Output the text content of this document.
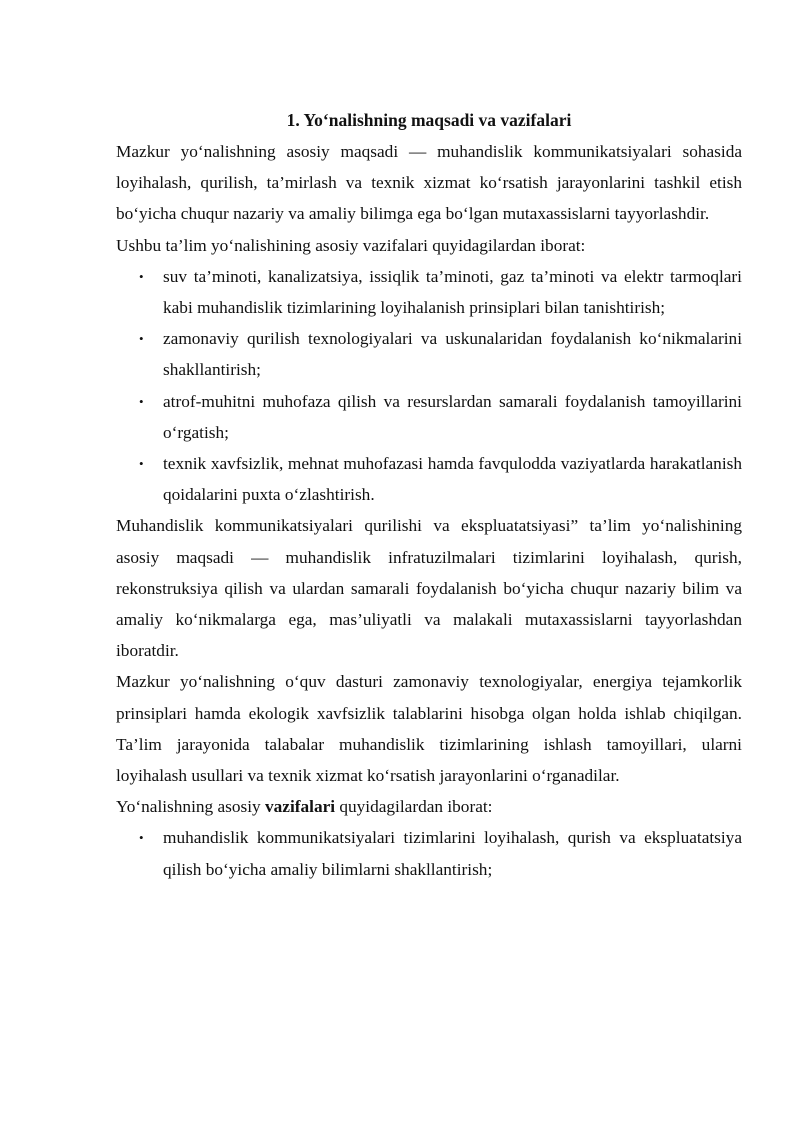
1. Yo‘nalishning maqsadi va vazifalari

Mazkur yo‘nalishning asosiy maqsadi — muhandislik kommunikatsiyalari sohasida loyihalash, qurilish, ta’mirlash va texnik xizmat ko‘rsatish jarayonlarini tashkil etish bo‘yicha chuqur nazariy va amaliy bilimga ega bo‘lgan mutaxassislarni tayyorlashdir.

Ushbu ta’lim yo‘nalishining asosiy vazifalari quyidagilardan iborat:

• suv ta’minoti, kanalizatsiya, issiqlik ta’minoti, gaz ta’minoti va elektr tarmoqlari kabi muhandislik tizimlarining loyihalanish prinsiplari bilan tanishtirish;
• zamonaviy qurilish texnologiyalari va uskunalaridan foydalanish ko‘nikmalarini shakllantirish;
• atrof-muhitni muhofaza qilish va resurslardan samarali foydalanish tamoyillarini o‘rgatish;
• texnik xavfsizlik, mehnat muhofazasi hamda favqulodda vaziyatlarda harakatlanish qoidalarini puxta o‘zlashtirish.

Muhandislik kommunikatsiyalari qurilishi va ekspluatatsiyasi” ta’lim yo‘nalishining asosiy maqsadi — muhandislik infratuzilmalari tizimlarini loyihalash, qurish, rekonstruksiya qilish va ulardan samarali foydalanish bo‘yicha chuqur nazariy bilim va amaliy ko‘nikmalarga ega, mas’uliyatli va malakali mutaxassislarni tayyorlashdan iboratdir.

Mazkur yo‘nalishning o‘quv dasturi zamonaviy texnologiyalar, energiya tejamkorlik prinsiplari hamda ekologik xavfsizlik talablarini hisobga olgan holda ishlab chiqilgan. Ta’lim jarayonida talabalar muhandislik tizimlarining ishlash tamoyillari, ularni loyihalash usullari va texnik xizmat ko‘rsatish jarayonlarini o‘rganadilar.

Yo‘nalishning asosiy vazifalari quyidagilardan iborat:

• muhandislik kommunikatsiyalari tizimlarini loyihalash, qurish va ekspluatatsiya qilish bo‘yicha amaliy bilimlarni shakllantirish;
